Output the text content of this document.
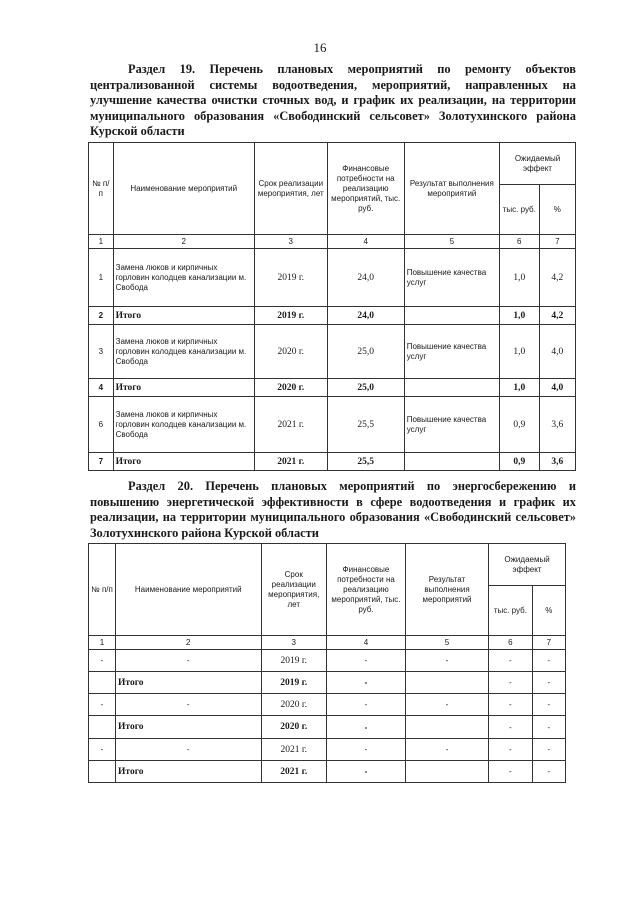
16

Раздел 19. Перечень плановых мероприятий по ремонту объектов централизованной системы водоотведения, мероприятий, направленных на улучшение качества очистки сточных вод, и график их реализации, на территории муниципального образования «Свободинский сельсовет» Золотухинского района Курской области

№ п/п	Наименование мероприятий	Срок реализации мероприятия, лет	Финансовые потребности на реализацию мероприятий, тыс. руб.	Результат выполнения мероприятий	Ожидаемый эффект	
					тыс. руб.	%
1	2	3	4	5	6	7
1	Замена люков и кирпичных горловин колодцев канализации м. Свобода	2019 г.	24,0	Повышение качества услуг	1,0	4,2
2	Итого	2019 г.	24,0		1,0	4,2
3	Замена люков и кирпичных горловин колодцев канализации м. Свобода	2020 г.	25,0	Повышение качества услуг	1,0	4,0
4	Итого	2020 г.	25,0		1,0	4,0
6	Замена люков и кирпичных горловин колодцев канализации м. Свобода	2021 г.	25,5	Повышение качества услуг	0,9	3,6
7	Итого	2021 г.	25,5		0,9	3,6

Раздел 20. Перечень плановых мероприятий по энергосбережению и повышению энергетической эффективности в сфере водоотведения и график их реализации, на территории муниципального образования «Свободинский сельсовет» Золотухинского района Курской области

№ п/п	Наименование мероприятий	Срок реализации мероприятия, лет	Финансовые потребности на реализацию мероприятий, тыс. руб.	Результат выполнения мероприятий	Ожидаемый эффект	
					тыс. руб.	%
1	2	3	4	5	6	7
-	-	2019 г.	-	-	-	-
	Итого	2019 г.	-		-	-
-	-	2020 г.	-	-	-	-
	Итого	2020 г.	-		-	-
-	-	2021 г.	-	-	-	-
	Итого	2021 г.	-		-	-
